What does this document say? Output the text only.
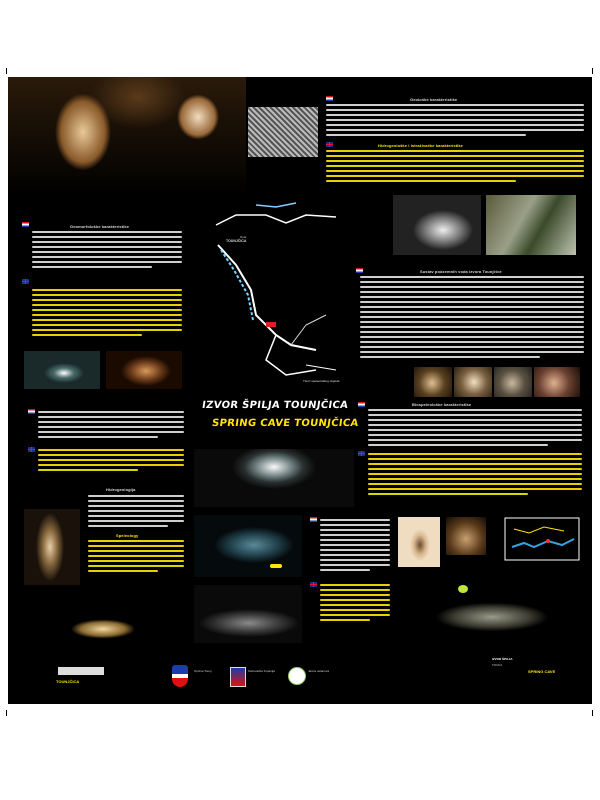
Geološke karakteristike
Hidrogeološke i istraživačke karakteristike
Geomorfološke karakteristike
TOUNJČICA
Izvor
Tlocrt speleološkog objekta
Sustav podzemnih voda izvora Tounjčice
IZVOR ŠPILJA TOUNJČICA
SPRING CAVE TOUNJČICA
Biospeleološke karakteristike
Hidrogeologija
Speleology
TOUNJČICA
Općina Tounj	Karlovačka županija	Javna ustanova
IZVOR ŠPILJA
TOUNJ
SPRING CAVE
